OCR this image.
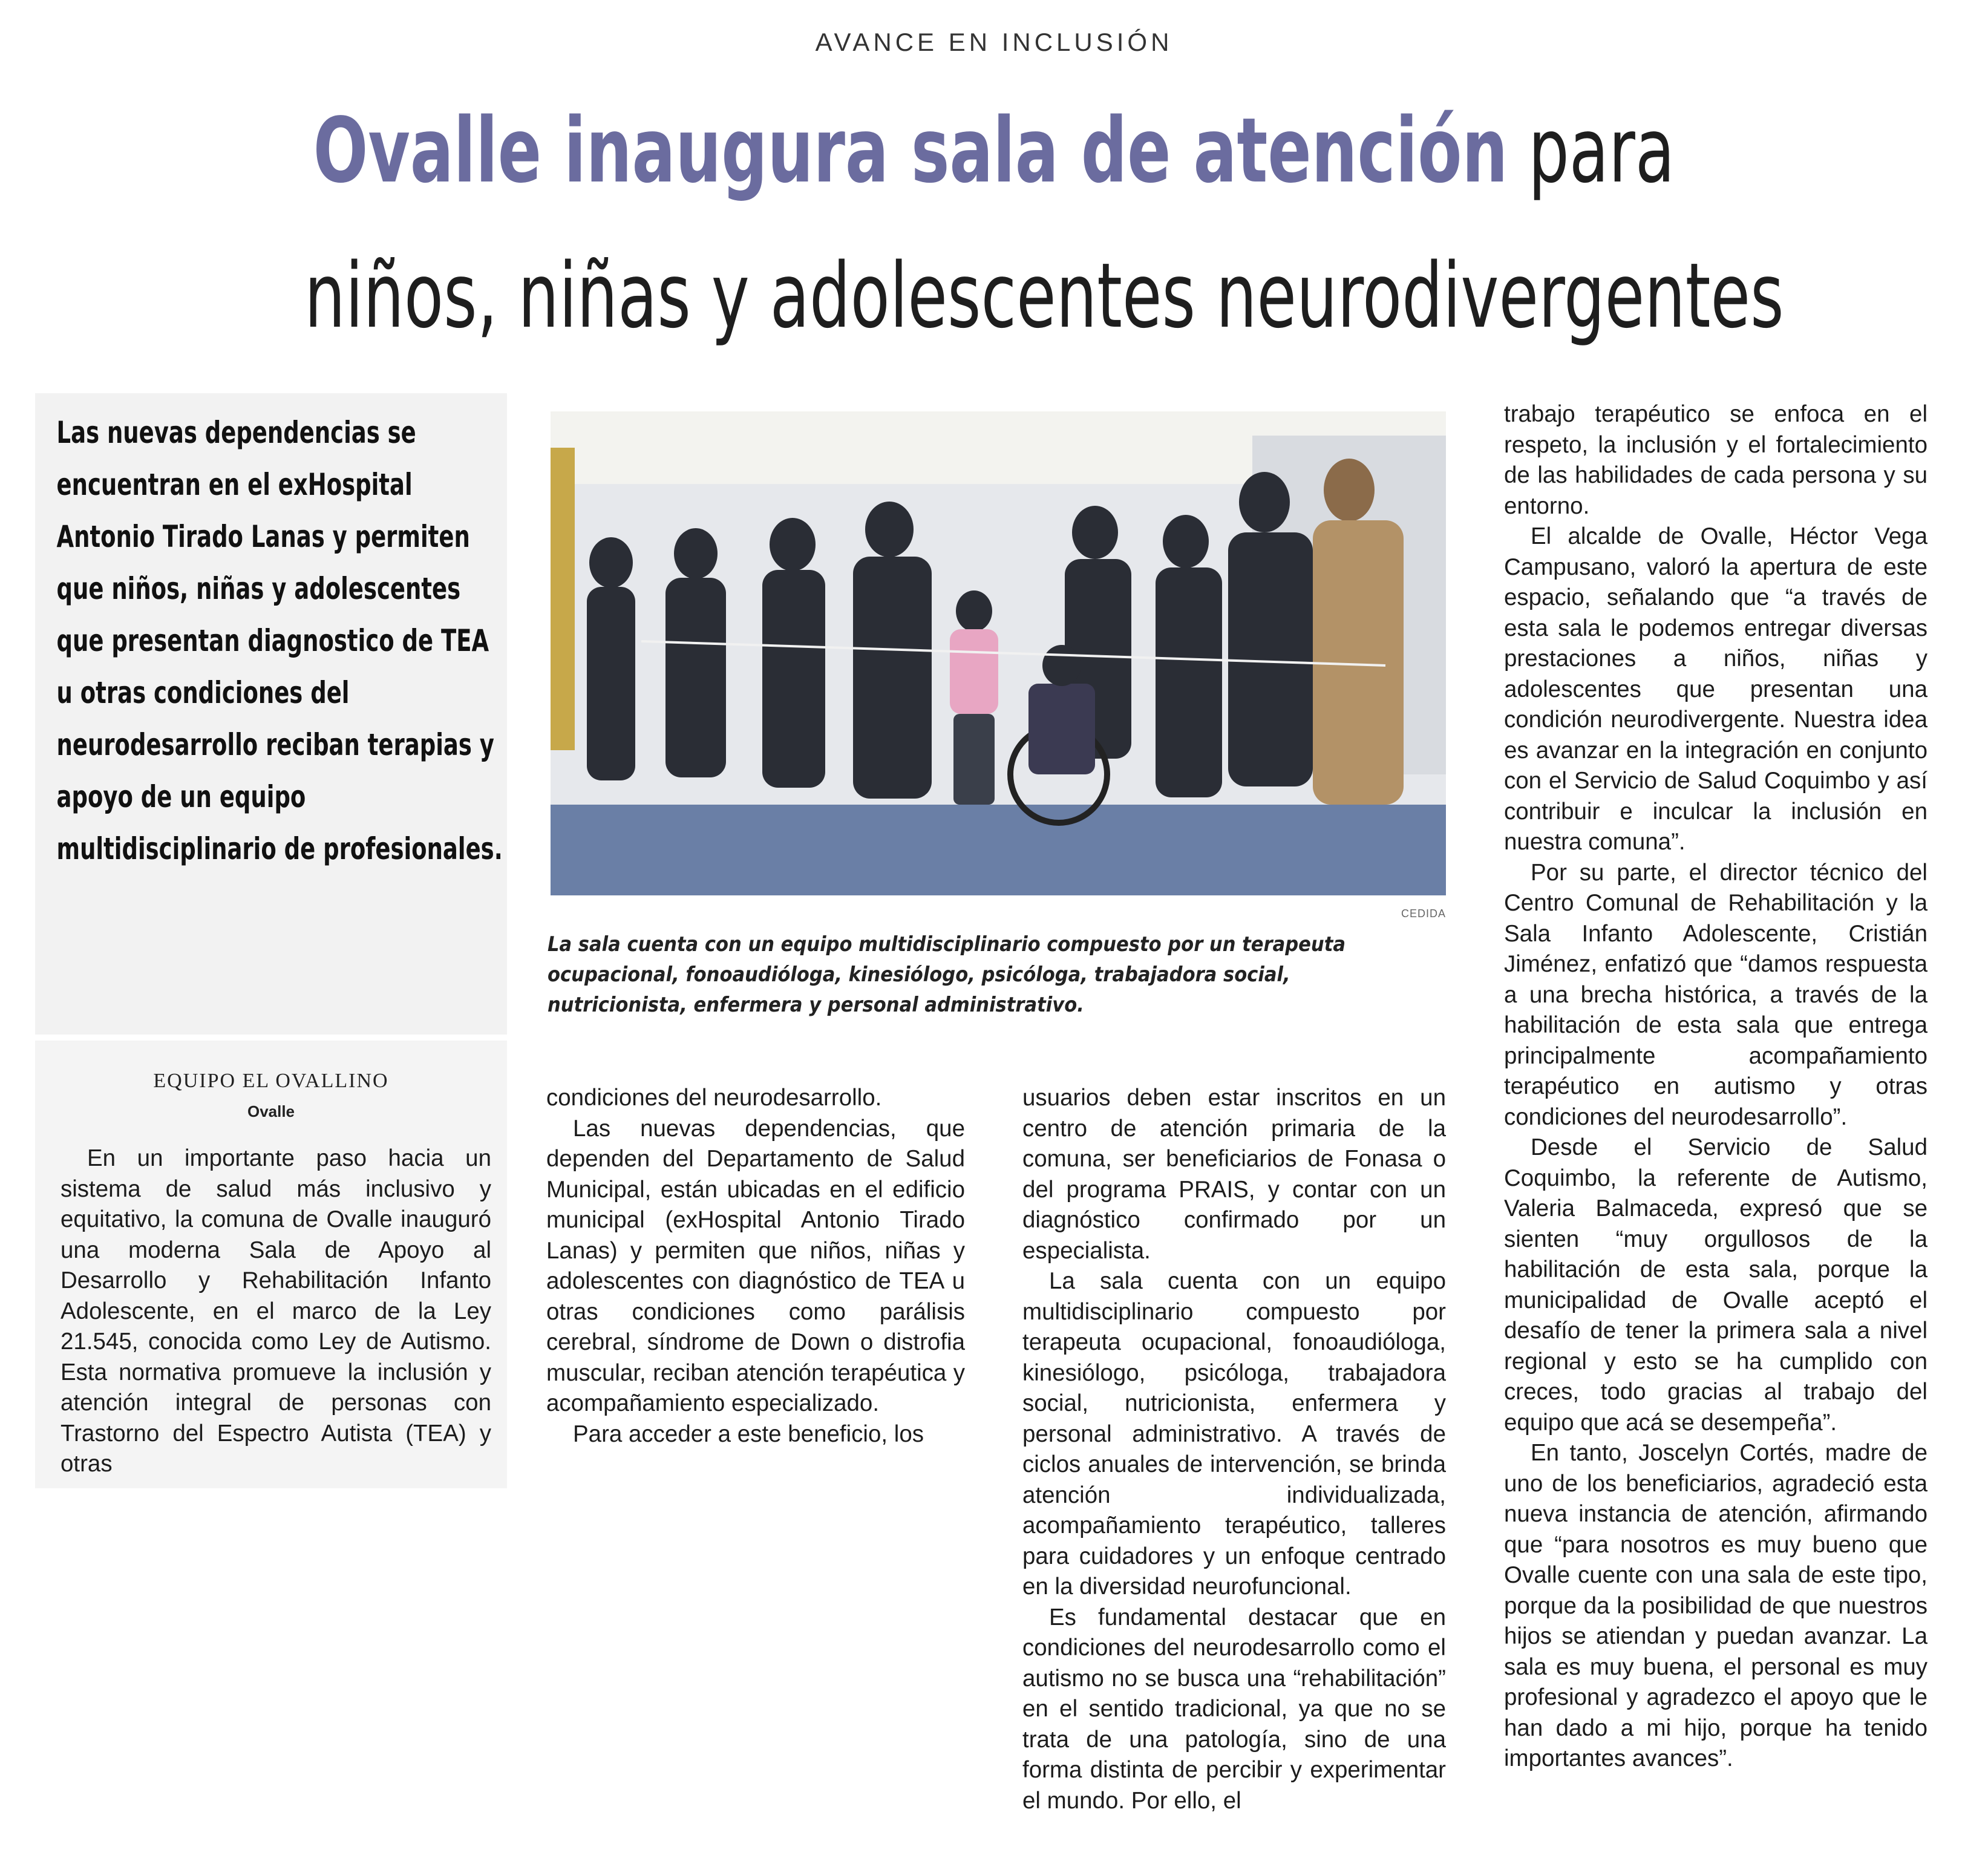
AVANCE EN INCLUSIÓN
Ovalle inaugura sala de atención para
niños, niñas y adolescentes neurodivergentes

Las nuevas dependencias se encuentran en el exHospital Antonio Tirado Lanas y permiten que niños, niñas y adolescentes que presentan diagnostico de TEA u otras condiciones del neurodesarrollo reciban terapias y apoyo de un equipo multidisciplinario de profesionales.

CEDIDA
La sala cuenta con un equipo multidisciplinario compuesto por un terapeuta ocupacional, fonoaudióloga, kinesiólogo, psicóloga, trabajadora social, nutricionista, enfermera y personal administrativo.
EQUIPO EL OVALLINO
Ovalle

En un importante paso hacia un sistema de salud más inclusivo y equitativo, la comuna de Ovalle inauguró una moderna Sala de Apoyo al Desarrollo y Rehabilitación Infanto Adolescente, en el marco de la Ley 21.545, conocida como Ley de Autismo. Esta normativa promueve la inclusión y atención integral de personas con Trastorno del Espectro Autista (TEA) y otras

condiciones del neurodesarrollo.

Las nuevas dependencias, que dependen del Departamento de Salud Municipal, están ubicadas en el edificio municipal (exHospital Antonio Tirado Lanas) y permiten que niños, niñas y adolescentes con diagnóstico de TEA u otras condiciones como parálisis cerebral, síndrome de Down o distrofia muscular, reciban atención terapéutica y acompañamiento especializado.

Para acceder a este beneficio, los

usuarios deben estar inscritos en un centro de atención primaria de la comuna, ser beneficiarios de Fonasa o del programa PRAIS, y contar con un diagnóstico confirmado por un especialista.

La sala cuenta con un equipo multidisciplinario compuesto por terapeuta ocupacional, fonoaudióloga, kinesiólogo, psicóloga, trabajadora social, nutricionista, enfermera y personal administrativo. A través de ciclos anuales de intervención, se brinda atención individualizada, acompañamiento terapéutico, talleres para cuidadores y un enfoque centrado en la diversidad neurofuncional.

Es fundamental destacar que en condiciones del neurodesarrollo como el autismo no se busca una “rehabilitación” en el sentido tradicional, ya que no se trata de una patología, sino de una forma distinta de percibir y experimentar el mundo. Por ello, el

trabajo terapéutico se enfoca en el respeto, la inclusión y el fortalecimiento de las habilidades de cada persona y su entorno.

El alcalde de Ovalle, Héctor Vega Campusano, valoró la apertura de este espacio, señalando que “a través de esta sala le podemos entregar diversas prestaciones a niños, niñas y adolescentes que presentan una condición neurodivergente. Nuestra idea es avanzar en la integración en conjunto con el Servicio de Salud Coquimbo y así contribuir e inculcar la inclusión en nuestra comuna”.

Por su parte, el director técnico del Centro Comunal de Rehabilitación y la Sala Infanto Adolescente, Cristián Jiménez, enfatizó que “damos respuesta a una brecha histórica, a través de la habilitación de esta sala que entrega principalmente acompañamiento terapéutico en autismo y otras condiciones del neurodesarrollo”.

Desde el Servicio de Salud Coquimbo, la referente de Autismo, Valeria Balmaceda, expresó que se sienten “muy orgullosos de la habilitación de esta sala, porque la municipalidad de Ovalle aceptó el desafío de tener la primera sala a nivel regional y esto se ha cumplido con creces, todo gracias al trabajo del equipo que acá se desempeña”.

En tanto, Joscelyn Cortés, madre de uno de los beneficiarios, agradeció esta nueva instancia de atención, afirmando que “para nosotros es muy bueno que Ovalle cuente con una sala de este tipo, porque da la posibilidad de que nuestros hijos se atiendan y puedan avanzar. La sala es muy buena, el personal es muy profesional y agradezco el apoyo que le han dado a mi hijo, porque ha tenido importantes avances”.
